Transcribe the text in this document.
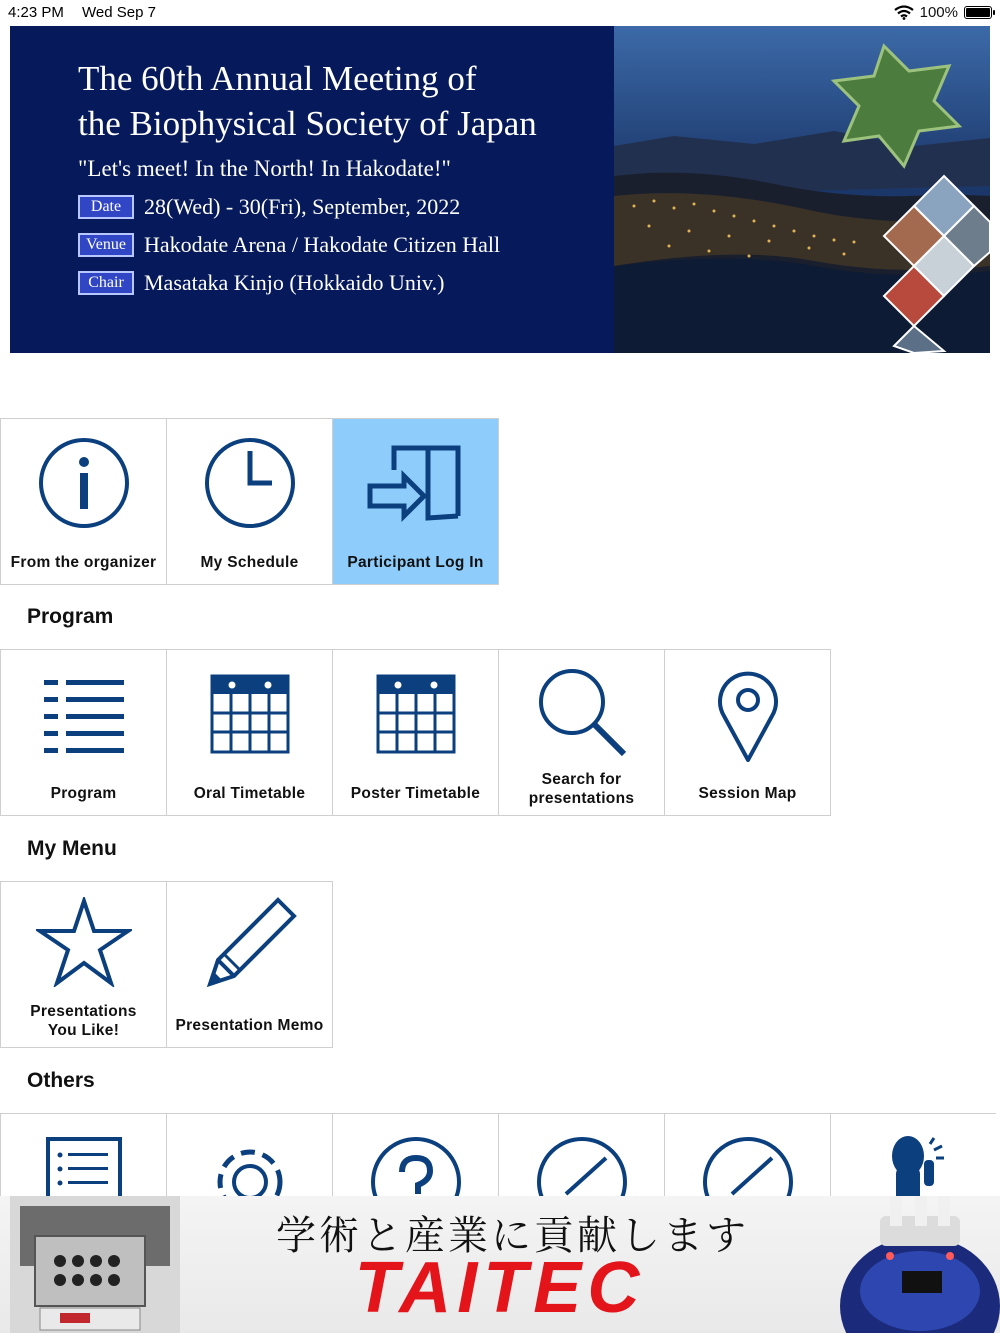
4:23 PM Wed Sep 7	100%
The 60th Annual Meeting of
the Biophysical Society of Japan
"Let's meet! In the North! In Hakodate!"
Date	28(Wed) - 30(Fri), September, 2022
Venue Hakodate Arena / Hakodate Citizen Hall
Chair Masataka Kinjo (Hokkaido Univ.)
From the organizer	My Schedule	Participant Log In
Program
Program	Oral Timetable	Poster Timetable
Search for
presentations	Session Map
My Menu
Presentations
You Like!	Presentation Memo
Others
学術と産業に貢献します
TAITEC
